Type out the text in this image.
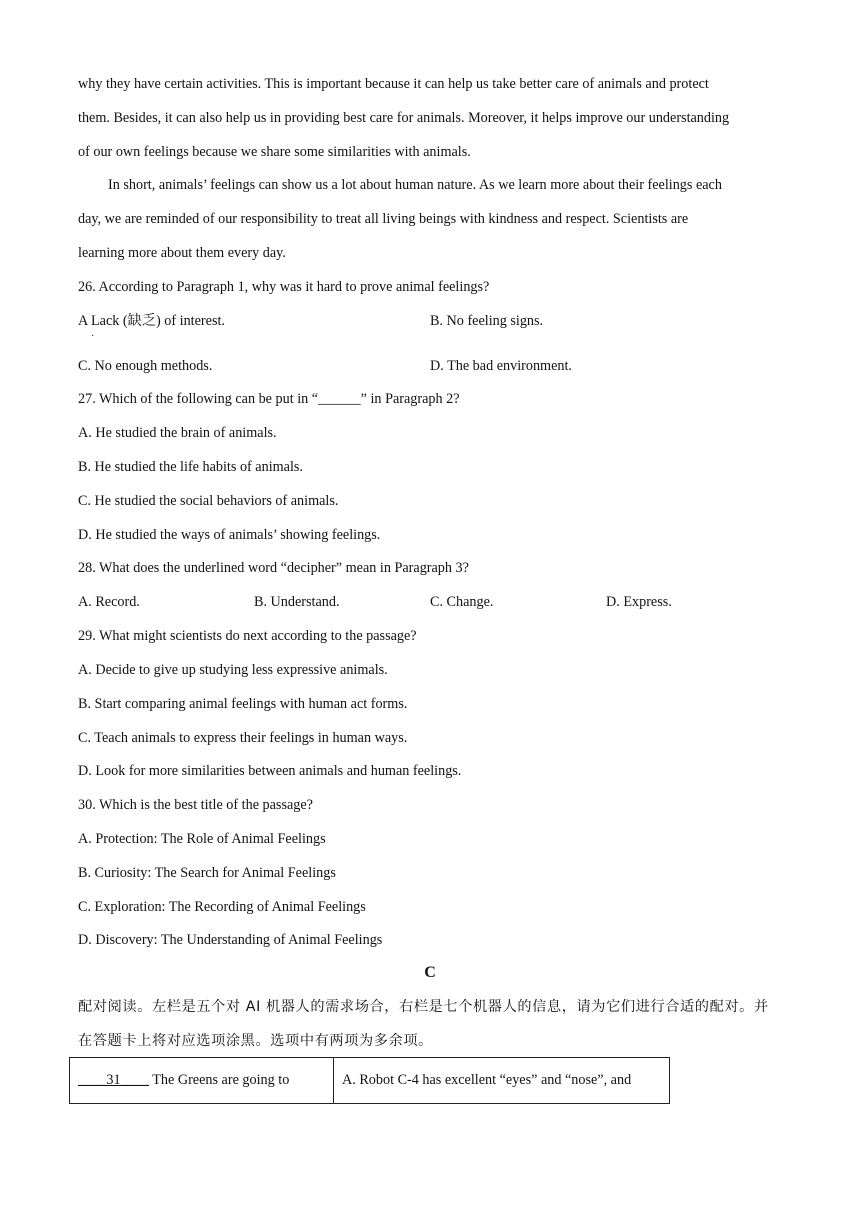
why they have certain activities. This is important because it can help us take better care of animals and protect

them. Besides, it can also help us in providing best care for animals. Moreover, it helps improve our understanding

of our own feelings because we share some similarities with animals.

In short, animals’ feelings can show us a lot about human nature. As we learn more about their feelings each

day, we are reminded of our responsibility to treat all living beings with kindness and respect. Scientists are

learning more about them every day.

26. According to Paragraph 1, why was it hard to prove animal feelings?

A Lack (缺乏) of interest.

·

B. No feeling signs.

C. No enough methods.	D. The bad environment.

27. Which of the following can be put in “______” in Paragraph 2?

A. He studied the brain of animals.

B. He studied the life habits of animals.

C. He studied the social behaviors of animals.

D. He studied the ways of animals’ showing feelings.

28. What does the underlined word “decipher” mean in Paragraph 3?

A. Record.	B. Understand.	C. Change.	D. Express.

29. What might scientists do next according to the passage?

A. Decide to give up studying less expressive animals.

B. Start comparing animal feelings with human act forms.

C. Teach animals to express their feelings in human ways.

D. Look for more similarities between animals and human feelings.

30. Which is the best title of the passage?

A. Protection: The Role of Animal Feelings

B. Curiosity: The Search for Animal Feelings

C. Exploration: The Recording of Animal Feelings

D. Discovery: The Understanding of Animal Feelings

C

配对阅读。左栏是五个对 AI 机器人的需求场合，右栏是七个机器人的信息，请为它们进行合适的配对。并

在答题卡上将对应选项涂黑。选项中有两项为多余项。

____31____ The Greens are going to	A. Robot C-4 has excellent “eyes” and “nose”, and
